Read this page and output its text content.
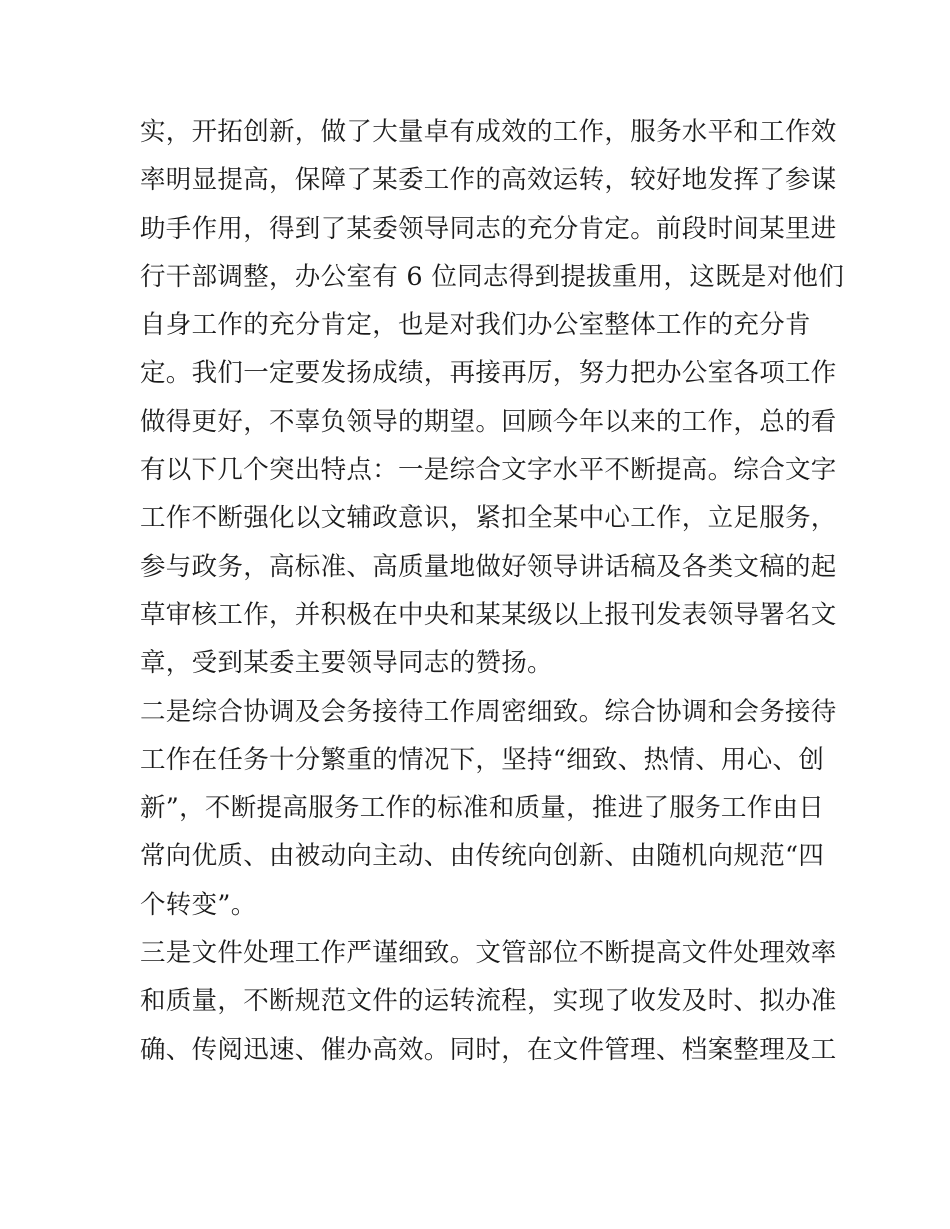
实，开拓创新，做了大量卓有成效的工作，服务水平和工作效
率明显提高，保障了某委工作的高效运转，较好地发挥了参谋
助手作用，得到了某委领导同志的充分肯定。前段时间某里进
行干部调整，办公室有 6 位同志得到提拔重用，这既是对他们
自身工作的充分肯定，也是对我们办公室整体工作的充分肯
定。我们一定要发扬成绩，再接再厉，努力把办公室各项工作
做得更好，不辜负领导的期望。回顾今年以来的工作，总的看
有以下几个突出特点：一是综合文字水平不断提高。综合文字
工作不断强化以文辅政意识，紧扣全某中心工作，立足服务，
参与政务，高标准、高质量地做好领导讲话稿及各类文稿的起
草审核工作，并积极在中央和某某级以上报刊发表领导署名文
章，受到某委主要领导同志的赞扬。
二是综合协调及会务接待工作周密细致。综合协调和会务接待
工作在任务十分繁重的情况下，坚持“细致、热情、用心、创
新”，不断提高服务工作的标准和质量，推进了服务工作由日
常向优质、由被动向主动、由传统向创新、由随机向规范“四
个转变”。
三是文件处理工作严谨细致。文管部位不断提高文件处理效率
和质量，不断规范文件的运转流程，实现了收发及时、拟办准
确、传阅迅速、催办高效。同时，在文件管理、档案整理及工
